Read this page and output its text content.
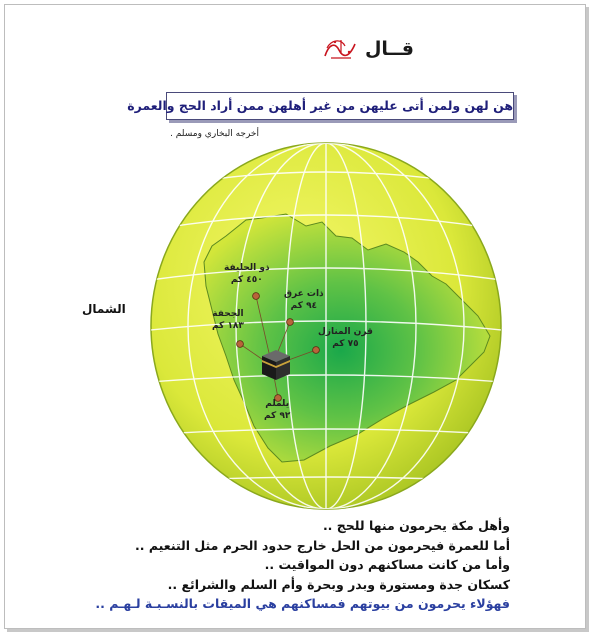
قــال
هن لهن ولمن أتى عليهن من غير أهلهن ممن أراد الحج والعمرة
أخرجه البخاري ومسلم .
الشمال
ذو الحليفة
٤٥٠ كم
ذات عرق
٩٤ كم
الجحفة
١٨٣ كم
قرن المنازل
٧٥ كم
يلملم
٩٢ كم
وأهل مكة يحرمون منها للحج ..
أما للعمرة فيحرمون من الحل خارج حدود الحرم مثل التنعيم ..
وأما من كانت مساكنهم دون المواقيت ..
كسكان جدة ومستورة وبدر وبحرة وأم السلم والشرائع ..
فهؤلاء يحرمون من بيوتهم فمساكنهم هي الميقات بالنسـبـة لـهـم ..
